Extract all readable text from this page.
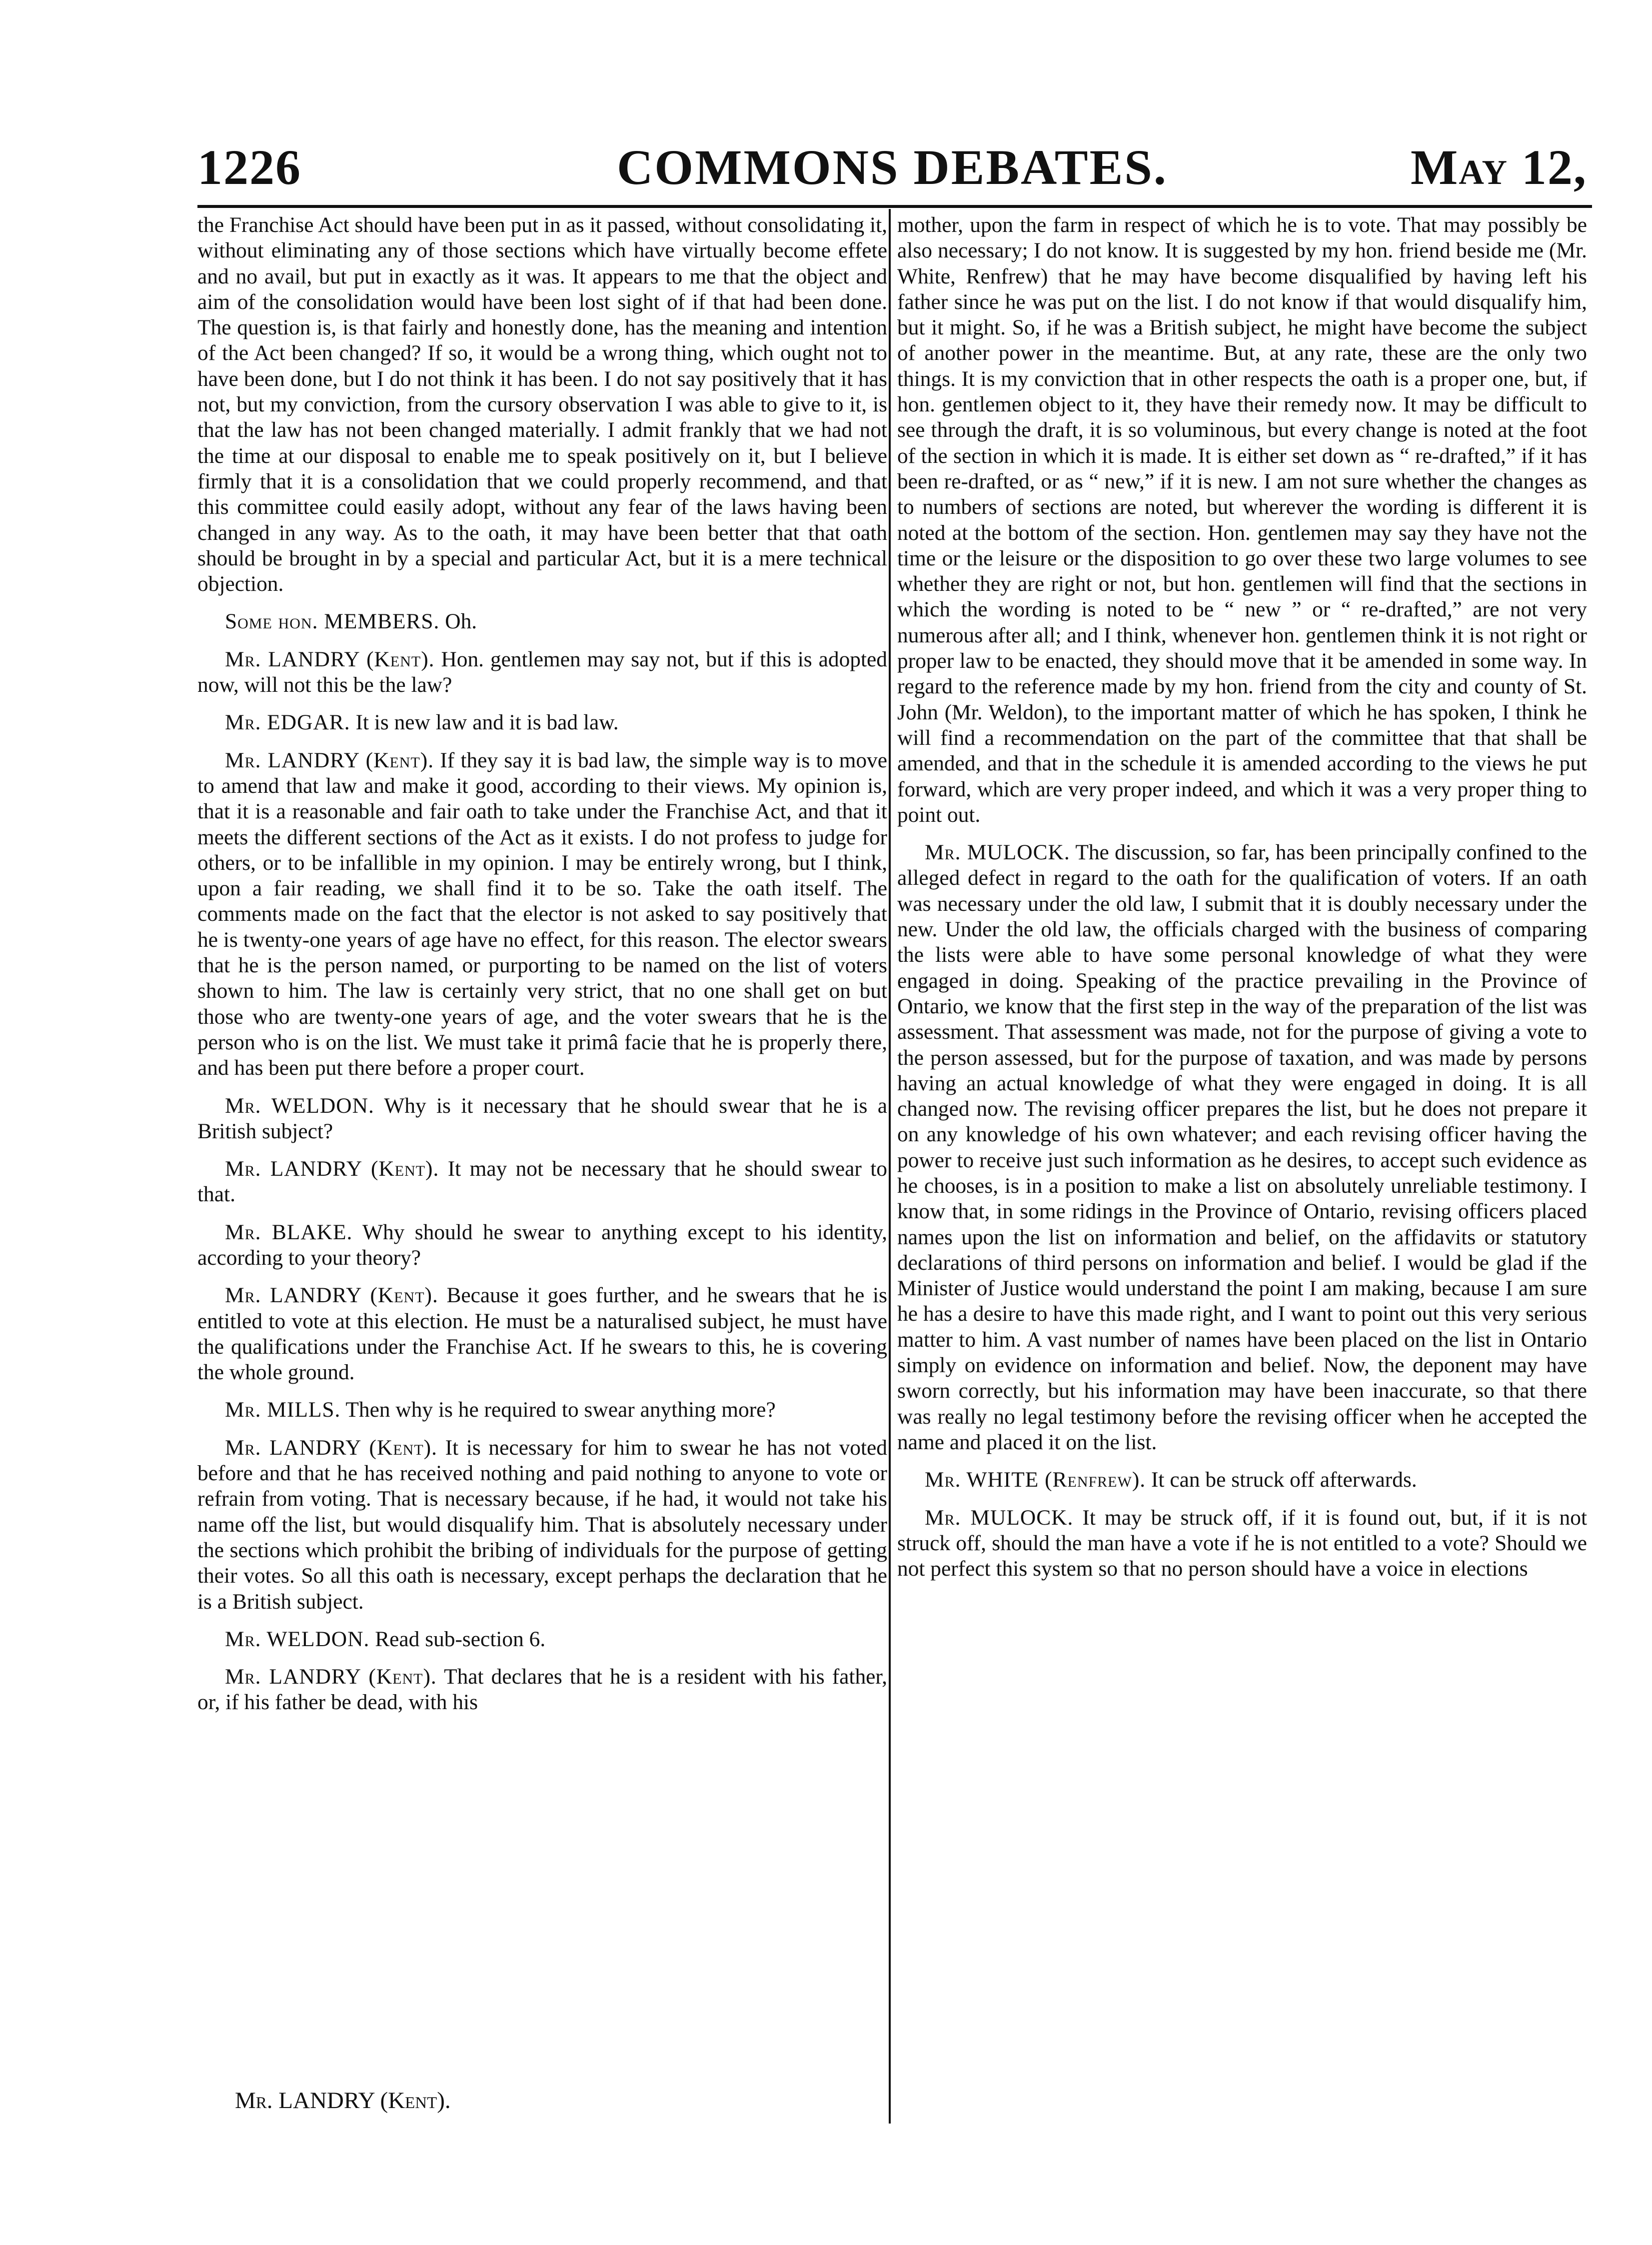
1226	COMMONS DEBATES.	May 12,

the Franchise Act should have been put in as it passed, without consolidating it, without eliminating any of those sections which have virtually become effete and no avail, but put in exactly as it was. It appears to me that the object and aim of the consolidation would have been lost sight of if that had been done. The question is, is that fairly and honestly done, has the meaning and intention of the Act been changed? If so, it would be a wrong thing, which ought not to have been done, but I do not think it has been. I do not say positively that it has not, but my conviction, from the cursory observation I was able to give to it, is that the law has not been changed materially. I admit frankly that we had not the time at our disposal to enable me to speak positively on it, but I believe firmly that it is a consolidation that we could properly recommend, and that this committee could easily adopt, without any fear of the laws having been changed in any way. As to the oath, it may have been better that that oath should be brought in by a special and particular Act, but it is a mere technical objection.

Some hon. MEMBERS. Oh.

Mr. LANDRY (Kent). Hon. gentlemen may say not, but if this is adopted now, will not this be the law?

Mr. EDGAR. It is new law and it is bad law.

Mr. LANDRY (Kent). If they say it is bad law, the simple way is to move to amend that law and make it good, according to their views. My opinion is, that it is a reasonable and fair oath to take under the Franchise Act, and that it meets the different sections of the Act as it exists. I do not profess to judge for others, or to be infallible in my opinion. I may be entirely wrong, but I think, upon a fair reading, we shall find it to be so. Take the oath itself. The comments made on the fact that the elector is not asked to say positively that he is twenty-one years of age have no effect, for this reason. The elector swears that he is the person named, or purporting to be named on the list of voters shown to him. The law is certainly very strict, that no one shall get on but those who are twenty-one years of age, and the voter swears that he is the person who is on the list. We must take it primâ facie that he is properly there, and has been put there before a proper court.

Mr. WELDON. Why is it necessary that he should swear that he is a British subject?

Mr. LANDRY (Kent). It may not be necessary that he should swear to that.

Mr. BLAKE. Why should he swear to anything except to his identity, according to your theory?

Mr. LANDRY (Kent). Because it goes further, and he swears that he is entitled to vote at this election. He must be a naturalised subject, he must have the qualifications under the Franchise Act. If he swears to this, he is covering the whole ground.

Mr. MILLS. Then why is he required to swear anything more?

Mr. LANDRY (Kent). It is necessary for him to swear he has not voted before and that he has received nothing and paid nothing to anyone to vote or refrain from voting. That is necessary because, if he had, it would not take his name off the list, but would disqualify him. That is absolutely necessary under the sections which prohibit the bribing of individuals for the purpose of getting their votes. So all this oath is necessary, except perhaps the declaration that he is a British subject.

Mr. WELDON. Read sub-section 6.

Mr. LANDRY (Kent). That declares that he is a resident with his father, or, if his father be dead, with his

mother, upon the farm in respect of which he is to vote. That may possibly be also necessary; I do not know. It is suggested by my hon. friend beside me (Mr. White, Renfrew) that he may have become disqualified by having left his father since he was put on the list. I do not know if that would disqualify him, but it might. So, if he was a British subject, he might have become the subject of another power in the meantime. But, at any rate, these are the only two things. It is my conviction that in other respects the oath is a proper one, but, if hon. gentlemen object to it, they have their remedy now. It may be difficult to see through the draft, it is so voluminous, but every change is noted at the foot of the section in which it is made. It is either set down as “ re-drafted,” if it has been re-drafted, or as “ new,” if it is new. I am not sure whether the changes as to numbers of sections are noted, but wherever the wording is different it is noted at the bottom of the section. Hon. gentlemen may say they have not the time or the leisure or the disposition to go over these two large volumes to see whether they are right or not, but hon. gentlemen will find that the sections in which the wording is noted to be “ new ” or “ re-drafted,” are not very numerous after all; and I think, whenever hon. gentlemen think it is not right or proper law to be enacted, they should move that it be amended in some way. In regard to the reference made by my hon. friend from the city and county of St. John (Mr. Weldon), to the important matter of which he has spoken, I think he will find a recommendation on the part of the committee that that shall be amended, and that in the schedule it is amended according to the views he put forward, which are very proper indeed, and which it was a very proper thing to point out.

Mr. MULOCK. The discussion, so far, has been principally confined to the alleged defect in regard to the oath for the qualification of voters. If an oath was necessary under the old law, I submit that it is doubly necessary under the new. Under the old law, the officials charged with the business of comparing the lists were able to have some personal knowledge of what they were engaged in doing. Speaking of the practice prevailing in the Province of Ontario, we know that the first step in the way of the preparation of the list was assessment. That assessment was made, not for the purpose of giving a vote to the person assessed, but for the purpose of taxation, and was made by persons having an actual knowledge of what they were engaged in doing. It is all changed now. The revising officer prepares the list, but he does not prepare it on any knowledge of his own whatever; and each revising officer having the power to receive just such information as he desires, to accept such evidence as he chooses, is in a position to make a list on absolutely unreliable testimony. I know that, in some ridings in the Province of Ontario, revising officers placed names upon the list on information and belief, on the affidavits or statutory declarations of third persons on information and belief. I would be glad if the Minister of Justice would understand the point I am making, because I am sure he has a desire to have this made right, and I want to point out this very serious matter to him. A vast number of names have been placed on the list in Ontario simply on evidence on information and belief. Now, the deponent may have sworn correctly, but his information may have been inaccurate, so that there was really no legal testimony before the revising officer when he accepted the name and placed it on the list.

Mr. WHITE (Renfrew). It can be struck off afterwards.

Mr. MULOCK. It may be struck off, if it is found out, but, if it is not struck off, should the man have a vote if he is not entitled to a vote? Should we not perfect this system so that no person should have a voice in elections

Mr. LANDRY (Kent).
